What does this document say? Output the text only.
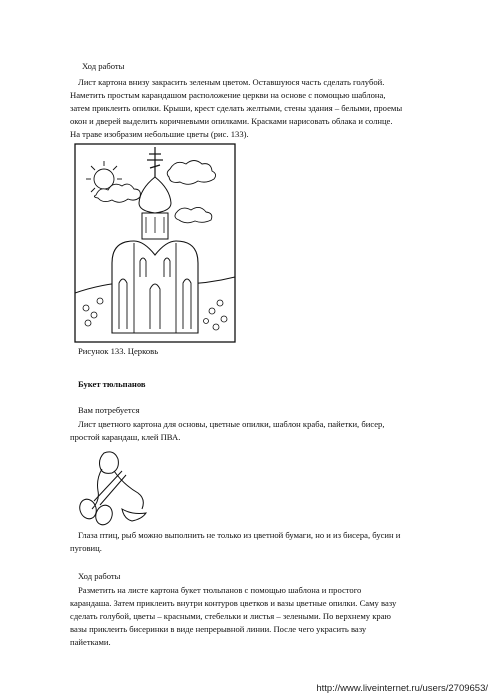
Ход работы
Лист картона внизу закрасить зеленым цветом. Оставшуюся часть сделать голубой.
Наметить простым карандашом расположение церкви на основе с помощью шаблона,
затем приклеить опилки. Крыши, крест сделать желтыми, стены здания – белыми, проемы
окон и дверей выделить коричневыми опилками. Красками нарисовать облака и солнце.
На траве изобразим небольшие цветы (рис. 133).
Рисунок 133. Церковь
Букет тюльпанов
Вам потребуется
Лист цветного картона для основы, цветные опилки, шаблон краба, пайетки, бисер,
простой карандаш, клей ПВА.
Глаза птиц, рыб можно выполнить не только из цветной бумаги, но и из бисера, бусин и
пуговиц.
Ход работы
Разметить на листе картона букет тюльпанов с помощью шаблона и простого
карандаша. Затем приклеить внутри контуров цветков и вазы цветные опилки. Саму вазу
сделать голубой, цветы – красными, стебельки и листья – зелеными. По верхнему краю
вазы приклеить бисеринки в виде непрерывной линии. После чего украсить вазу
пайетками.
http://www.liveinternet.ru/users/2709653/
